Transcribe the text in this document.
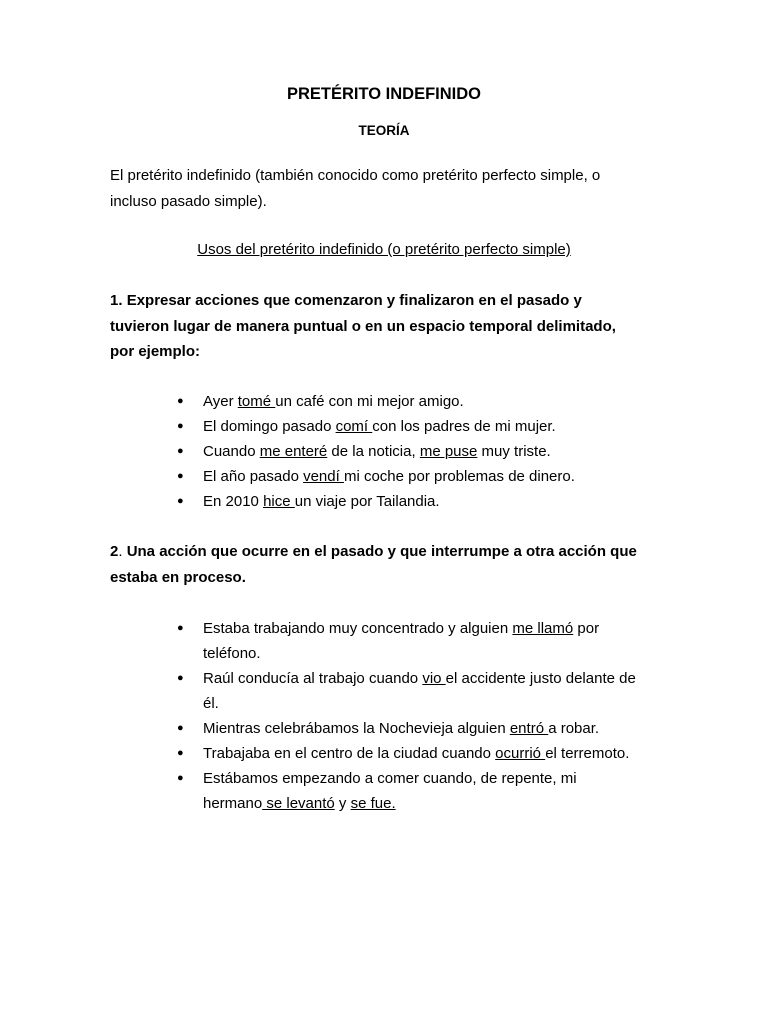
PRETÉRITO INDEFINIDO
TEORÍA

El pretérito indefinido (también conocido como pretérito perfecto simple, o
incluso pasado simple).

Usos del pretérito indefinido (o pretérito perfecto simple)

1. Expresar acciones que comenzaron y finalizaron en el pasado y
tuvieron lugar de manera puntual o en un espacio temporal delimitado,
por ejemplo:

● Ayer tomé un café con mi mejor amigo.
● El domingo pasado comí con los padres de mi mujer.
● Cuando me enteré de la noticia, me puse muy triste.
● El año pasado vendí mi coche por problemas de dinero.
● En 2010 hice un viaje por Tailandia.

2. Una acción que ocurre en el pasado y que interrumpe a otra acción que
estaba en proceso.

● Estaba trabajando muy concentrado y alguien me llamó por
teléfono.
● Raúl conducía al trabajo cuando vio el accidente justo delante de
él.
● Mientras celebrábamos la Nochevieja alguien entró a robar.
● Trabajaba en el centro de la ciudad cuando ocurrió el terremoto.
● Estábamos empezando a comer cuando, de repente, mi
hermano se levantó y se fue.
